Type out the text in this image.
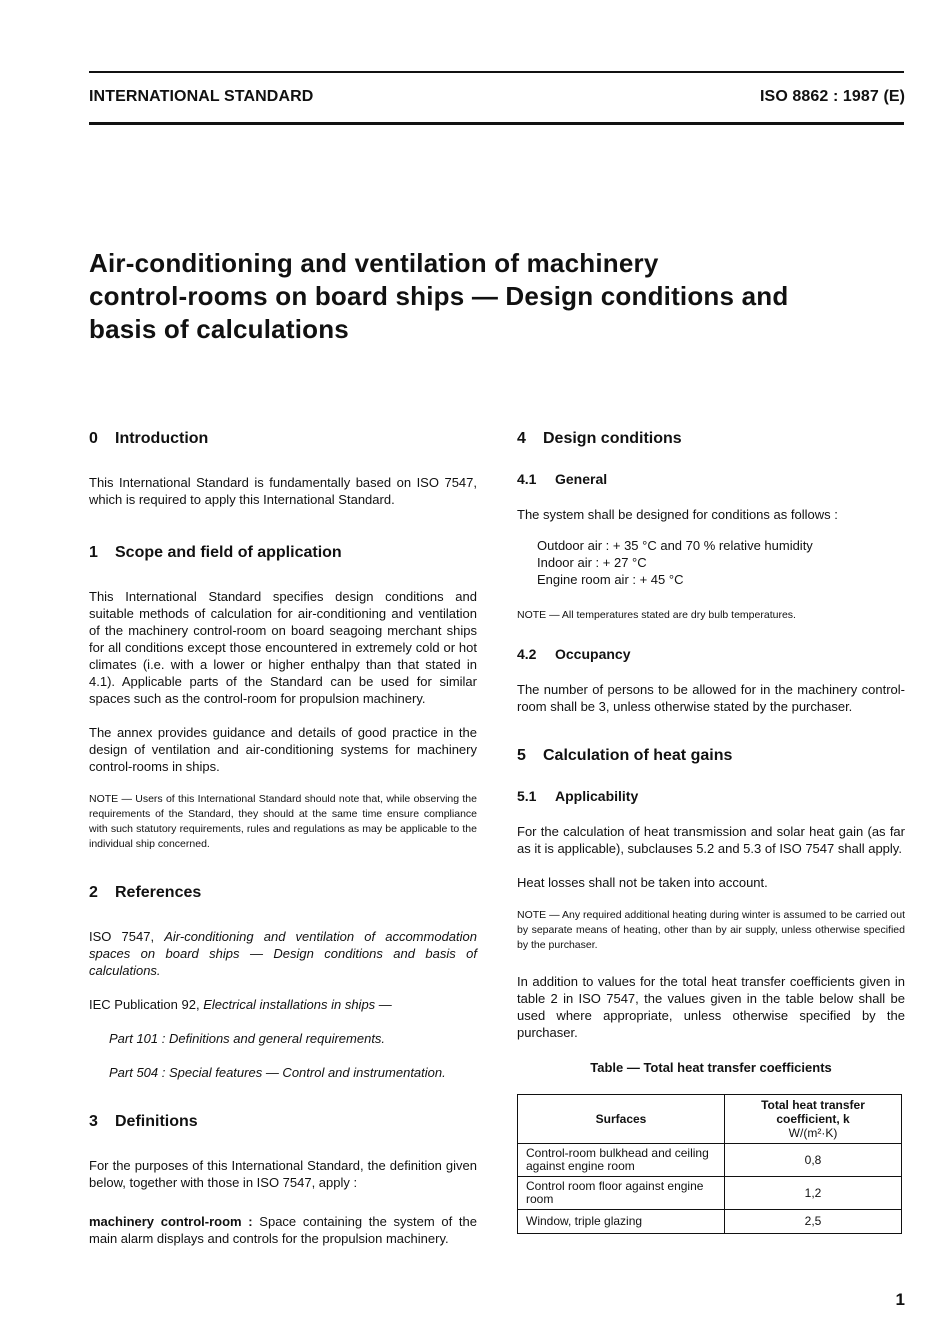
INTERNATIONAL STANDARD	ISO 8862 : 1987 (E)
Air-conditioning and ventilation of machinery
control-rooms on board ships — Design conditions and
basis of calculations
0 Introduction

This International Standard is fundamentally based on ISO 7547, which is required to apply this International Standard.

1 Scope and field of application

This International Standard specifies design conditions and suitable methods of calculation for air-conditioning and ventilation of the machinery control-room on board seagoing merchant ships for all conditions except those encountered in extremely cold or hot climates (i.e. with a lower or higher enthalpy than that stated in 4.1). Applicable parts of the Standard can be used for similar spaces such as the control-room for propulsion machinery.

The annex provides guidance and details of good practice in the design of ventilation and air-conditioning systems for machinery control-rooms in ships.

NOTE — Users of this International Standard should note that, while observing the requirements of the Standard, they should at the same time ensure compliance with such statutory requirements, rules and regulations as may be applicable to the individual ship concerned.

2 References

ISO 7547, Air-conditioning and ventilation of accommodation spaces on board ships — Design conditions and basis of calculations.

IEC Publication 92, Electrical installations in ships —

Part 101 : Definitions and general requirements.

Part 504 : Special features — Control and instrumentation.

3 Definitions

For the purposes of this International Standard, the definition given below, together with those in ISO 7547, apply :

machinery control-room : Space containing the system of the main alarm displays and controls for the propulsion machinery.

4 Design conditions
4.1 General

The system shall be designed for conditions as follows :

Outdoor air : + 35 °C and 70 % relative humidity
Indoor air : + 27 °C
Engine room air : + 45 °C

NOTE — All temperatures stated are dry bulb temperatures.

4.2 Occupancy

The number of persons to be allowed for in the machinery control-room shall be 3, unless otherwise stated by the purchaser.

5 Calculation of heat gains
5.1 Applicability

For the calculation of heat transmission and solar heat gain (as far as it is applicable), subclauses 5.2 and 5.3 of ISO 7547 shall apply.

Heat losses shall not be taken into account.

NOTE — Any required additional heating during winter is assumed to be carried out by separate means of heating, other than by air supply, unless otherwise specified by the purchaser.

In addition to values for the total heat transfer coefficients given in table 2 in ISO 7547, the values given in the table below shall be used where appropriate, unless otherwise specified by the purchaser.

Table — Total heat transfer coefficients
Surfaces	Total heat transfer
coefficient, k
W/(m²·K)

Control-room bulkhead and ceiling against engine room	0,8
Control room floor against engine room	1,2
Window, triple glazing	2,5
1
